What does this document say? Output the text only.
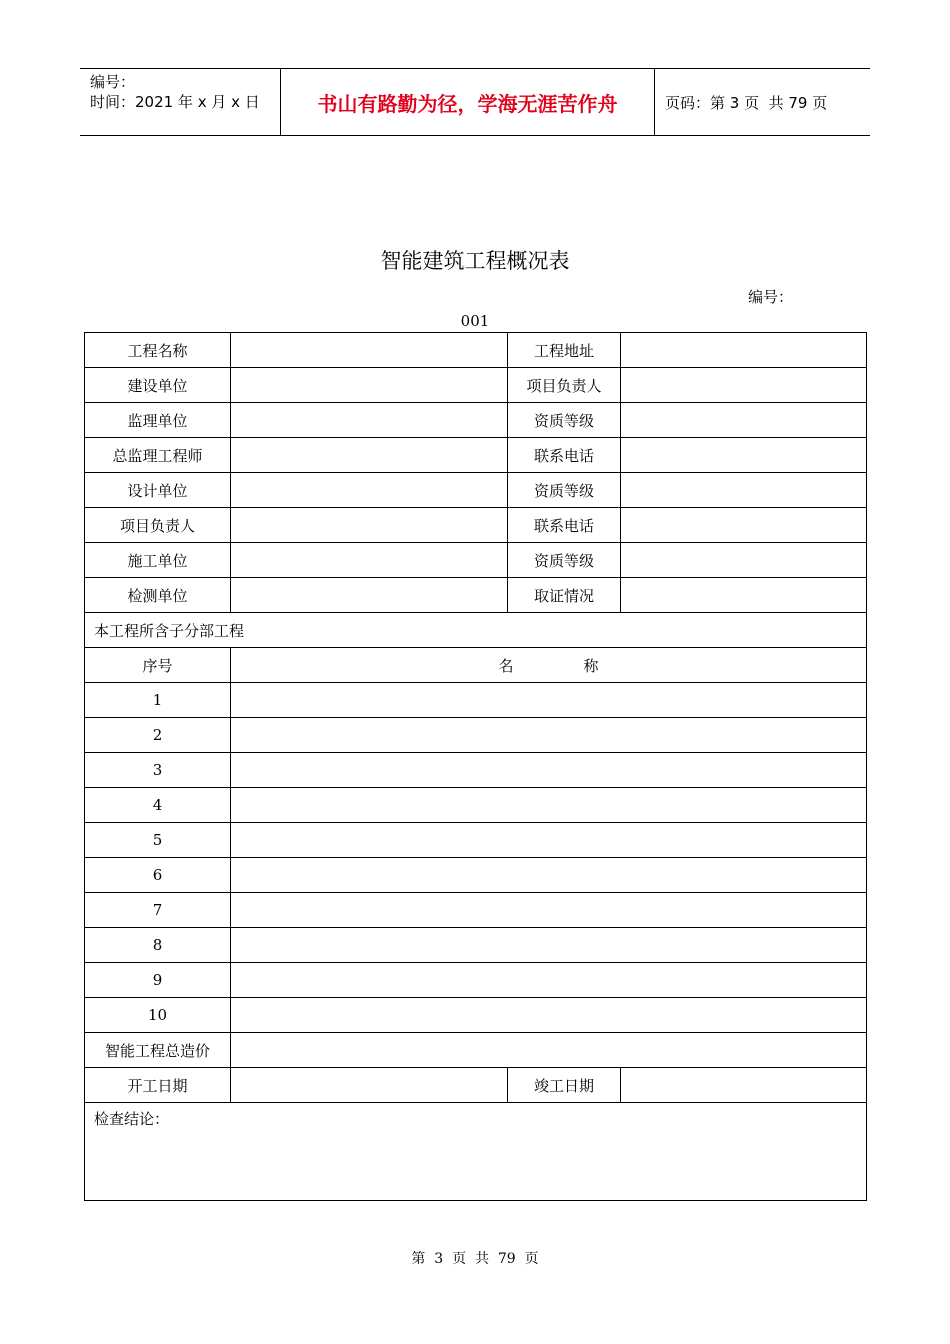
编号：
时间：2021 年 x 月 x 日	书山有路勤为径，学海无涯苦作舟	页码：第 3 页  共 79 页
智能建筑工程概况表
编号：
001
工程名称		工程地址	
建设单位		项目负责人	
监理单位		资质等级	
总监理工程师		联系电话	
设计单位		资质等级	
项目负责人		联系电话	
施工单位		资质等级	
检测单位		取证情况	
本工程所含子分部工程			
序号	名称		
1			
2			
3			
4			
5			
6			
7			
8			
9			
10			
智能工程总造价			
开工日期		竣工日期	
检查结论：			
第  3  页  共  79  页
